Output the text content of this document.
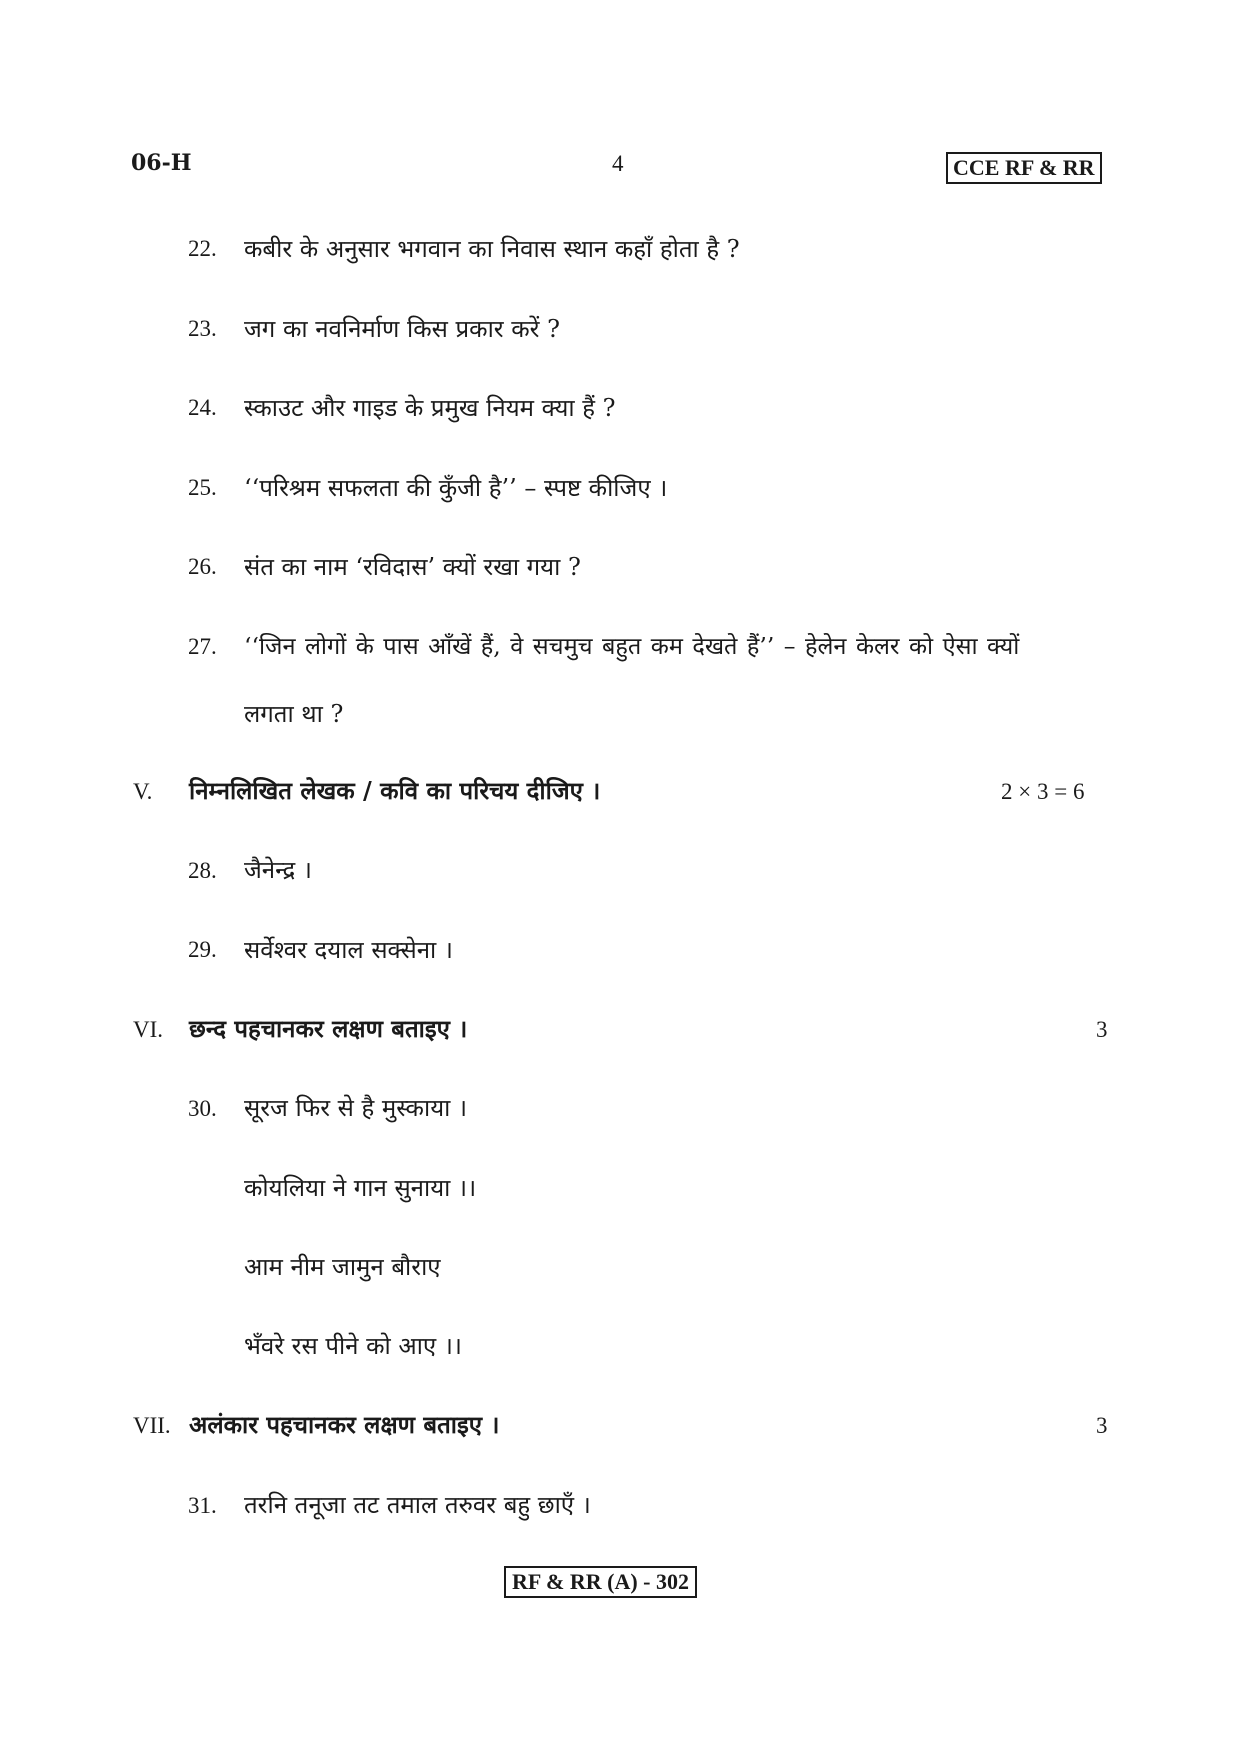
06-H	4	CCE RF & RR
22. कबीर के अनुसार भगवान का निवास स्थान कहाँ होता है ?
23. जग का नवनिर्माण किस प्रकार करें ?
24. स्काउट और गाइड के प्रमुख नियम क्या हैं ?
25. ‘‘परिश्रम सफलता की कुँजी है’’ – स्पष्ट कीजिए ।
26. संत का नाम ‘रविदास’ क्यों रखा गया ?
27. ‘‘जिन लोगों के पास आँखें हैं, वे सचमुच बहुत कम देखते हैं’’ – हेलेन केलर को ऐसा क्यों
लगता था ?
V. निम्नलिखित लेखक / कवि का परिचय दीजिए ।	2 × 3 = 6
28. जैनेन्द्र ।
29. सर्वेश्वर दयाल सक्सेना ।
VI. छन्द पहचानकर लक्षण बताइए ।	3
30. सूरज फिर से है मुस्काया ।
कोयलिया ने गान सुनाया ।।
आम नीम जामुन बौराए
भँवरे रस पीने को आए ।।
VII. अलंकार पहचानकर लक्षण बताइए ।	3
31. तरनि तनूजा तट तमाल तरुवर बहु छाएँ ।
RF & RR (A) - 302
